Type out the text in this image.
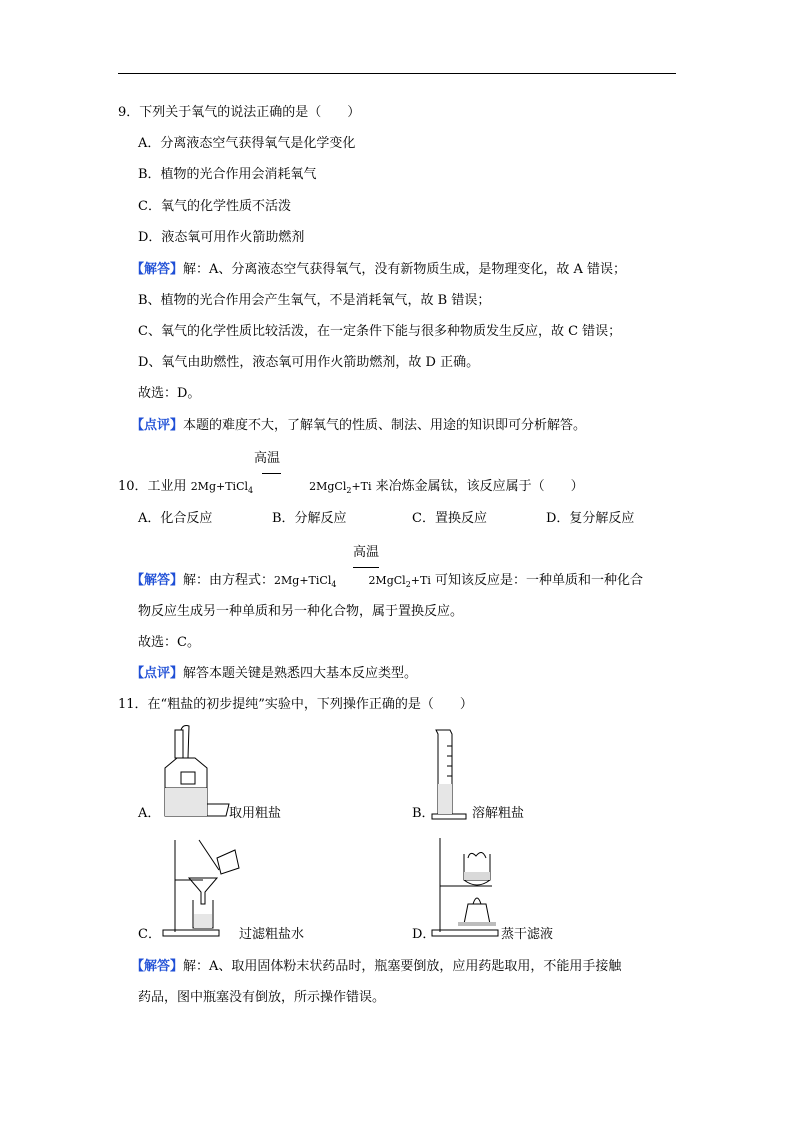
9．下列关于氧气的说法正确的是（　　）
A．分离液态空气获得氧气是化学变化
B．植物的光合作用会消耗氧气
C．氧气的化学性质不活泼
D．液态氧可用作火箭助燃剂
【解答】解：A、分离液态空气获得氧气，没有新物质生成，是物理变化，故 A 错误；
B、植物的光合作用会产生氧气，不是消耗氧气，故 B 错误；
C、氧气的化学性质比较活泼，在一定条件下能与很多种物质发生反应，故 C 错误；
D、氧气由助燃性，液态氧可用作火箭助燃剂，故 D 正确。
故选：D。
【点评】本题的难度不大，了解氧气的性质、制法、用途的知识即可分析解答。
高温
10．工业用 2Mg+TiCl$_4$	2MgCl$_2$+Ti 来冶炼金属钛，该反应属于（　　）
A．化合反应	B．分解反应	C．置换反应	D．复分解反应
高温
【解答】解：由方程式：2Mg+TiCl$_4$	2MgCl$_2$+Ti 可知该反应是：一种单质和一种化合
物反应生成另一种单质和另一种化合物，属于置换反应。
故选：C。
【点评】解答本题关键是熟悉四大基本反应类型。
11．在“粗盐的初步提纯”实验中，下列操作正确的是（　　）
A．	取用粗盐	B．	溶解粗盐
C．	过滤粗盐水	D．	蒸干滤液
【解答】解：A、取用固体粉末状药品时，瓶塞要倒放，应用药匙取用，不能用手接触
药品，图中瓶塞没有倒放，所示操作错误。
